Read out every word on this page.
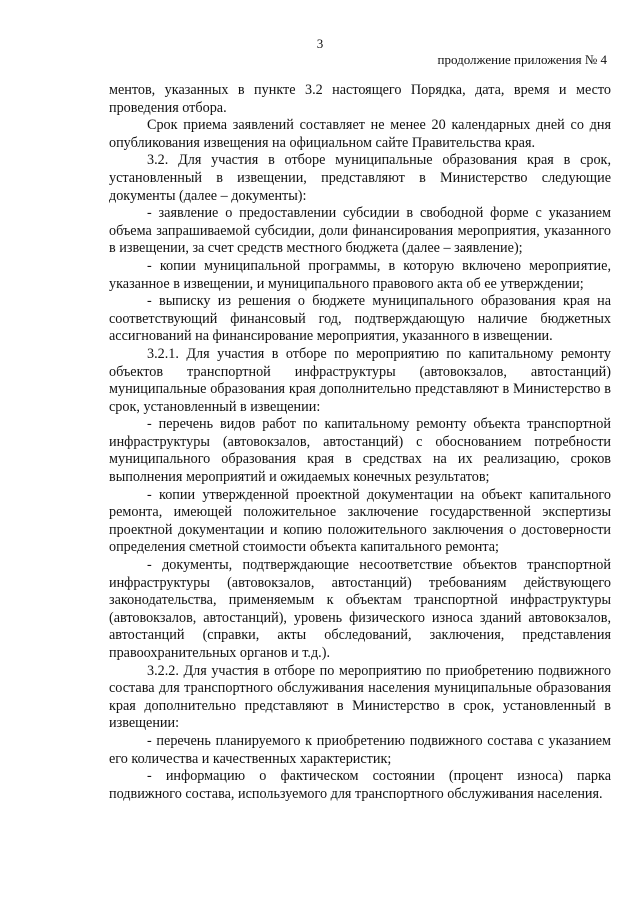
3
продолжение приложения № 4

ментов, указанных в пункте 3.2 настоящего Порядка, дата, время и место проведения отбора.

Срок приема заявлений составляет не менее 20 календарных дней со дня опубликования извещения на официальном сайте Правительства края.

3.2. Для участия в отборе муниципальные образования края в срок, установленный в извещении, представляют в Министерство следующие документы (далее – документы):

- заявление о предоставлении субсидии в свободной форме с указанием объема запрашиваемой субсидии, доли финансирования мероприятия, указанного в извещении, за счет средств местного бюджета (далее – заявление);

- копии муниципальной программы, в которую включено мероприятие, указанное в извещении, и муниципального правового акта об ее утверждении;

- выписку из решения о бюджете муниципального образования края на соответствующий финансовый год, подтверждающую наличие бюджетных ассигнований на финансирование мероприятия, указанного в извещении.

3.2.1. Для участия в отборе по мероприятию по капитальному ремонту объектов транспортной инфраструктуры (автовокзалов, автостанций) муниципальные образования края дополнительно представляют в Министерство в срок, установленный в извещении:

- перечень видов работ по капитальному ремонту объекта транспортной инфраструктуры (автовокзалов, автостанций) с обоснованием потребности муниципального образования края в средствах на их реализацию, сроков выполнения мероприятий и ожидаемых конечных результатов;

- копии утвержденной проектной документации на объект капитального ремонта, имеющей положительное заключение государственной экспертизы проектной документации и копию положительного заключения о достоверности определения сметной стоимости объекта капитального ремонта;

- документы, подтверждающие несоответствие объектов транспортной инфраструктуры (автовокзалов, автостанций) требованиям действующего законодательства, применяемым к объектам транспортной инфраструктуры (автовокзалов, автостанций), уровень физического износа зданий автовокзалов, автостанций (справки, акты обследований, заключения, представления правоохранительных органов и т.д.).

3.2.2. Для участия в отборе по мероприятию по приобретению подвижного состава для транспортного обслуживания населения муниципальные образования края дополнительно представляют в Министерство в срок, установленный в извещении:

- перечень планируемого к приобретению подвижного состава с указанием его количества и качественных характеристик;

- информацию о фактическом состоянии (процент износа) парка подвижного состава, используемого для транспортного обслуживания населения.
